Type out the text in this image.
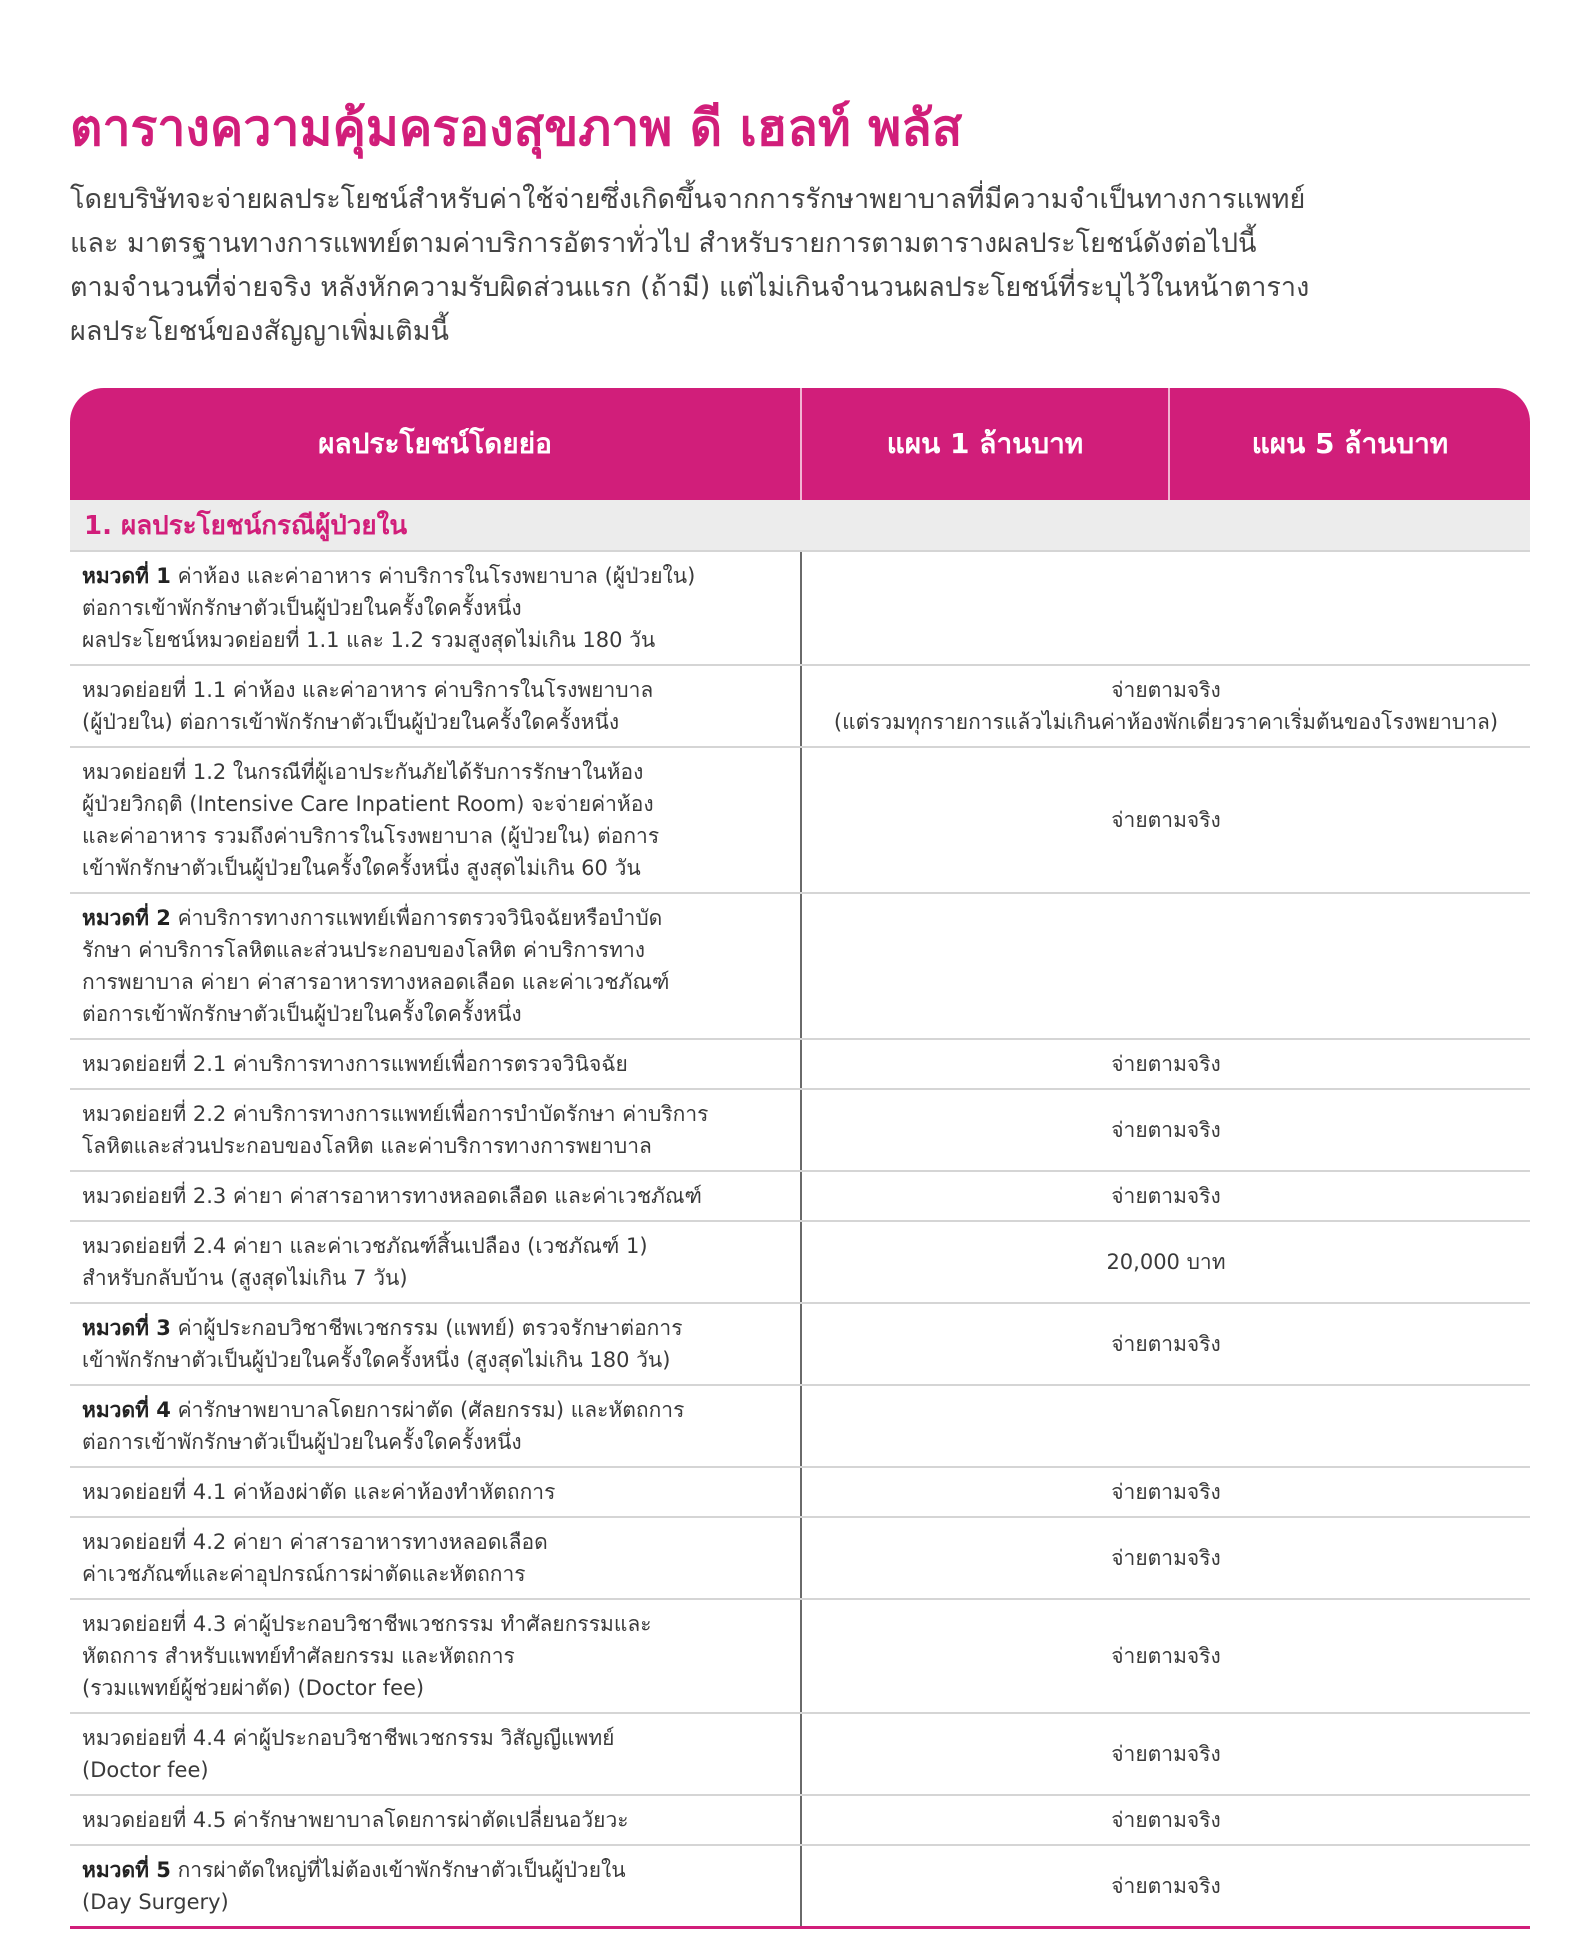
ตารางความคุ้มครองสุขภาพ ดี เฮลท์ พลัส
โดยบริษัทจะจ่ายผลประโยชน์สำหรับค่าใช้จ่ายซึ่งเกิดขึ้นจากการรักษาพยาบาลที่มีความจำเป็นทางการแพทย์
และ มาตรฐานทางการแพทย์ตามค่าบริการอัตราทั่วไป สำหรับรายการตามตารางผลประโยชน์ดังต่อไปนี้
ตามจำนวนที่จ่ายจริง หลังหักความรับผิดส่วนแรก (ถ้ามี) แต่ไม่เกินจำนวนผลประโยชน์ที่ระบุไว้ในหน้าตาราง
ผลประโยชน์ของสัญญาเพิ่มเติมนี้
ผลประโยชน์โดยย่อ	แผน 1 ล้านบาท	แผน 5 ล้านบาท
1. ผลประโยชน์กรณีผู้ป่วยใน		

หมวดที่ 1 ค่าห้อง และค่าอาหาร ค่าบริการในโรงพยาบาล (ผู้ป่วยใน)
ต่อการเข้าพักรักษาตัวเป็นผู้ป่วยในครั้งใดครั้งหนึ่ง
ผลประโยชน์หมวดย่อยที่ 1.1 และ 1.2 รวมสูงสุดไม่เกิน 180 วัน		

หมวดย่อยที่ 1.1 ค่าห้อง และค่าอาหาร ค่าบริการในโรงพยาบาล
(ผู้ป่วยใน) ต่อการเข้าพักรักษาตัวเป็นผู้ป่วยในครั้งใดครั้งหนึ่ง	จ่ายตามจริง
(แต่รวมทุกรายการแล้วไม่เกินค่าห้องพักเดี่ยวราคาเริ่มต้นของโรงพยาบาล)	

หมวดย่อยที่ 1.2 ในกรณีที่ผู้เอาประกันภัยได้รับการรักษาในห้อง
ผู้ป่วยวิกฤติ (Intensive Care Inpatient Room) จะจ่ายค่าห้อง
และค่าอาหาร รวมถึงค่าบริการในโรงพยาบาล (ผู้ป่วยใน) ต่อการ
เข้าพักรักษาตัวเป็นผู้ป่วยในครั้งใดครั้งหนึ่ง สูงสุดไม่เกิน 60 วัน	จ่ายตามจริง	

หมวดที่ 2 ค่าบริการทางการแพทย์เพื่อการตรวจวินิจฉัยหรือบำบัด
รักษา ค่าบริการโลหิตและส่วนประกอบของโลหิต ค่าบริการทาง
การพยาบาล ค่ายา ค่าสารอาหารทางหลอดเลือด และค่าเวชภัณฑ์
ต่อการเข้าพักรักษาตัวเป็นผู้ป่วยในครั้งใดครั้งหนึ่ง		

หมวดย่อยที่ 2.1 ค่าบริการทางการแพทย์เพื่อการตรวจวินิจฉัย	จ่ายตามจริง	

หมวดย่อยที่ 2.2 ค่าบริการทางการแพทย์เพื่อการบำบัดรักษา ค่าบริการ
โลหิตและส่วนประกอบของโลหิต และค่าบริการทางการพยาบาล	จ่ายตามจริง	

หมวดย่อยที่ 2.3 ค่ายา ค่าสารอาหารทางหลอดเลือด และค่าเวชภัณฑ์	จ่ายตามจริง	

หมวดย่อยที่ 2.4 ค่ายา และค่าเวชภัณฑ์สิ้นเปลือง (เวชภัณฑ์ 1)
สำหรับกลับบ้าน (สูงสุดไม่เกิน 7 วัน)	20,000 บาท	

หมวดที่ 3 ค่าผู้ประกอบวิชาชีพเวชกรรม (แพทย์) ตรวจรักษาต่อการ
เข้าพักรักษาตัวเป็นผู้ป่วยในครั้งใดครั้งหนึ่ง (สูงสุดไม่เกิน 180 วัน)	จ่ายตามจริง	

หมวดที่ 4 ค่ารักษาพยาบาลโดยการผ่าตัด (ศัลยกรรม) และหัตถการ
ต่อการเข้าพักรักษาตัวเป็นผู้ป่วยในครั้งใดครั้งหนึ่ง		

หมวดย่อยที่ 4.1 ค่าห้องผ่าตัด และค่าห้องทำหัตถการ	จ่ายตามจริง	

หมวดย่อยที่ 4.2 ค่ายา ค่าสารอาหารทางหลอดเลือด
ค่าเวชภัณฑ์และค่าอุปกรณ์การผ่าตัดและหัตถการ	จ่ายตามจริง	

หมวดย่อยที่ 4.3 ค่าผู้ประกอบวิชาชีพเวชกรรม ทำศัลยกรรมและ
หัตถการ สำหรับแพทย์ทำศัลยกรรม และหัตถการ
(รวมแพทย์ผู้ช่วยผ่าตัด) (Doctor fee)	จ่ายตามจริง	

หมวดย่อยที่ 4.4 ค่าผู้ประกอบวิชาชีพเวชกรรม วิสัญญีแพทย์
(Doctor fee)	จ่ายตามจริง	

หมวดย่อยที่ 4.5 ค่ารักษาพยาบาลโดยการผ่าตัดเปลี่ยนอวัยวะ	จ่ายตามจริง	

หมวดที่ 5 การผ่าตัดใหญ่ที่ไม่ต้องเข้าพักรักษาตัวเป็นผู้ป่วยใน
(Day Surgery)	จ่ายตามจริง	
